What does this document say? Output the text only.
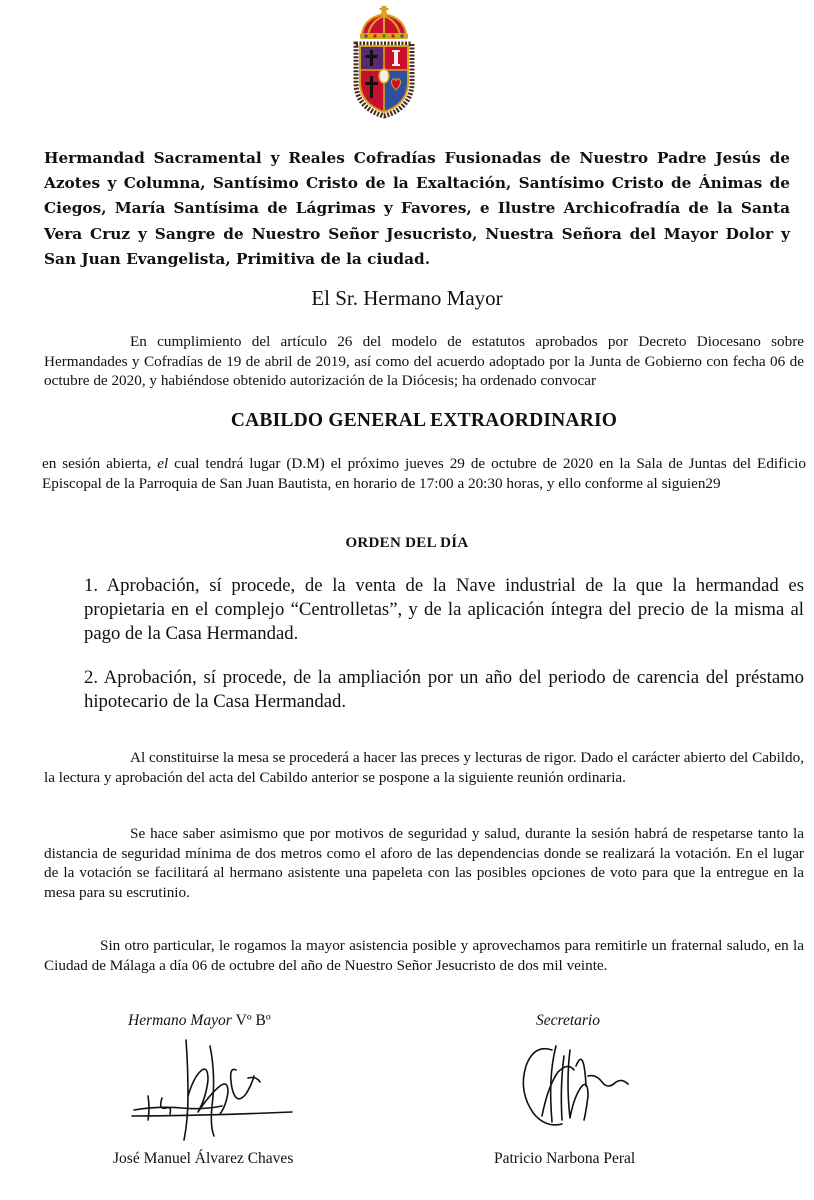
Hermandad Sacramental y Reales Cofradías Fusionadas de Nuestro Padre Jesús de Azotes y Columna, Santísimo Cristo de la Exaltación, Santísimo Cristo de Ánimas de Ciegos, María Santísima de Lágrimas y Favores, e Ilustre Archicofradía de la Santa Vera Cruz y Sangre de Nuestro Señor Jesucristo, Nuestra Señora del Mayor Dolor y San Juan Evangelista, Primitiva de la ciudad.

El Sr. Hermano Mayor

En cumplimiento del artículo 26 del modelo de estatutos aprobados por Decreto Diocesano sobre Hermandades y Cofradías de 19 de abril de 2019, así como del acuerdo adoptado por la Junta de Gobierno con fecha 06 de octubre de 2020, y habiéndose obtenido autorización de la Diócesis; ha ordenado convocar

CABILDO GENERAL EXTRAORDINARIO

en sesión abierta, el cual tendrá lugar (D.M) el próximo jueves 29 de octubre de 2020 en la Sala de Juntas del Edificio Episcopal de la Parroquia de San Juan Bautista, en horario de 17:00 a 20:30 horas, y ello conforme al siguien29

ORDEN DEL DÍA

1. Aprobación, sí procede, de la venta de la Nave industrial de la que la hermandad es propietaria en el complejo “Centrolletas”, y de la aplicación íntegra del precio de la misma al pago de la Casa Hermandad.

2. Aprobación, sí procede, de la ampliación por un año del periodo de carencia del préstamo hipotecario de la Casa Hermandad.

Al constituirse la mesa se procederá a hacer las preces y lecturas de rigor. Dado el carácter abierto del Cabildo, la lectura y aprobación del acta del Cabildo anterior se pospone a la siguiente reunión ordinaria.

Se hace saber asimismo que por motivos de seguridad y salud, durante la sesión habrá de respetarse tanto la distancia de seguridad mínima de dos metros como el aforo de las dependencias donde se realizará la votación. En el lugar de la votación se facilitará al hermano asistente una papeleta con las posibles opciones de voto para que la entregue en la mesa para su escrutinio.

Sin otro particular, le rogamos la mayor asistencia posible y aprovechamos para remitirle un fraternal saludo, en la Ciudad de Málaga a día 06 de octubre del año de Nuestro Señor Jesucristo de dos mil veinte.

Hermano Mayor Vº Bº	Secretario

José Manuel Álvarez Chaves	Patricio Narbona Peral
